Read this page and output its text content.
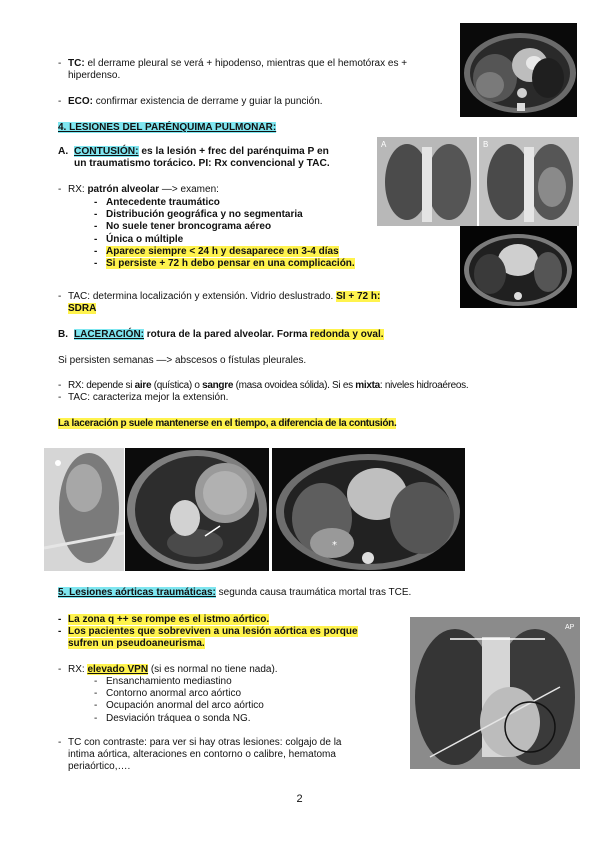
- TC: el derrame pleural se verá + hipodenso, mientras que el hemotórax es + hiperdenso.
- ECO: confirmar existencia de derrame y guiar la punción.
4. LESIONES DEL PARÉNQUIMA PULMONAR:
A. CONTUSIÓN: es la lesión + frec del parénquima P en
un traumatismo torácico. PI: Rx convencional y TAC.
- RX: patrón alveolar —> examen:
- Antecedente traumático
- Distribución geográfica y no segmentaria
- No suele tener broncograma aéreo
- Única o múltiple
- Aparece siempre < 24 h y desaparece en 3-4 días
- Si persiste + 72 h debo pensar en una complicación.
- TAC: determina localización y extensión. Vidrio deslustrado. SI + 72 h:
SDRA
B. LACERACIÓN: rotura de la pared alveolar. Forma redonda y oval.
Si persisten semanas —> abscesos o fístulas pleurales.
- RX: depende si aire (quística) o sangre (masa ovoidea sólida). Si es mixta: niveles hidroaéreos.
- TAC: caracteriza mejor la extensión.
La laceración p suele mantenerse en el tiempo, a diferencia de la contusión.
5. Lesiones aórticas traumáticas: segunda causa traumática mortal tras TCE.
- La zona q ++ se rompe es el istmo aórtico.
- Los pacientes que sobreviven a una lesión aórtica es porque
sufren un pseudoaneurisma.
- RX: elevado VPN (si es normal no tiene nada).
- Ensanchamiento mediastino
- Contorno anormal arco aórtico
- Ocupación anormal del arco aórtico
- Desviación tráquea o sonda NG.
- TC con contraste: para ver si hay otras lesiones: colgajo de la
intima aórtica, alteraciones en contorno o calibre, hematoma
periaórtico,….
2
A	B
*
AP
